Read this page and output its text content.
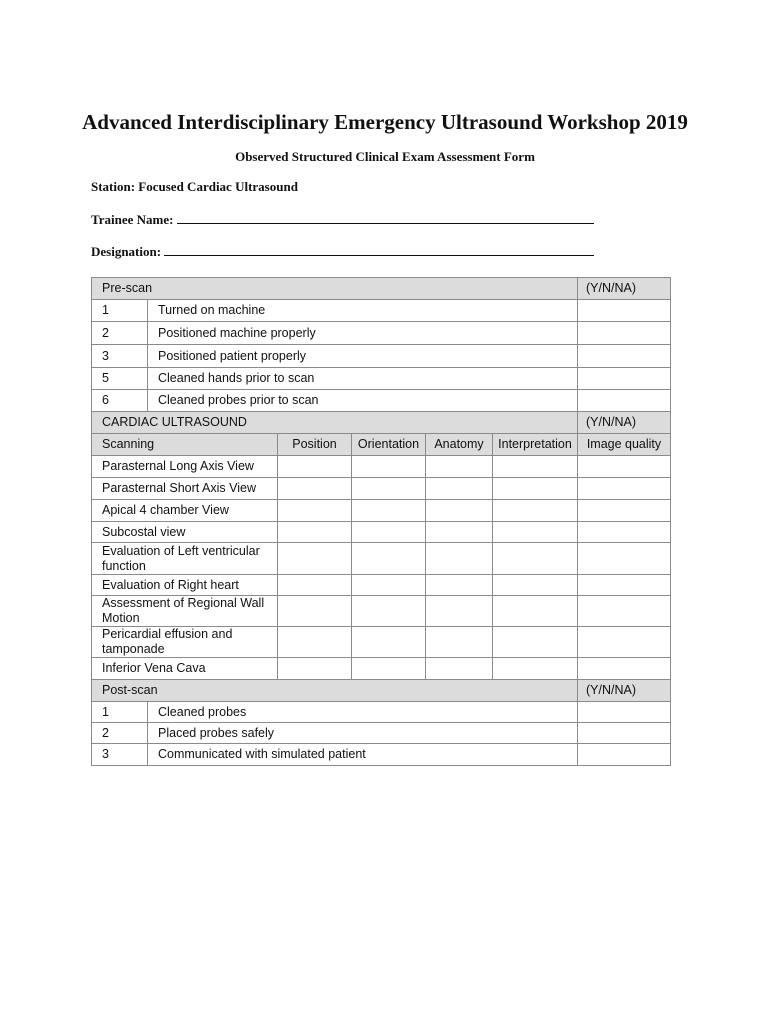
Advanced Interdisciplinary Emergency Ultrasound Workshop 2019
Observed Structured Clinical Exam Assessment Form
Station: Focused Cardiac Ultrasound
Trainee Name:
Designation:
Pre-scan						(Y/N/NA)
1	Turned on machine					
2	Positioned machine properly					
3	Positioned patient properly					
5	Cleaned hands prior to scan					
6	Cleaned probes prior to scan					
CARDIAC ULTRASOUND						(Y/N/NA)
Scanning		Position	Orientation	Anatomy	Interpretation	Image quality
Parasternal Long Axis View						
Parasternal Short Axis View						
Apical 4 chamber View						
Subcostal view						
Evaluation of Left ventricular function						
Evaluation of Right heart						
Assessment of Regional Wall Motion						
Pericardial effusion and tamponade						
Inferior Vena Cava						
Post-scan						(Y/N/NA)
1	Cleaned probes					
2	Placed probes safely					
3	Communicated with simulated patient					
